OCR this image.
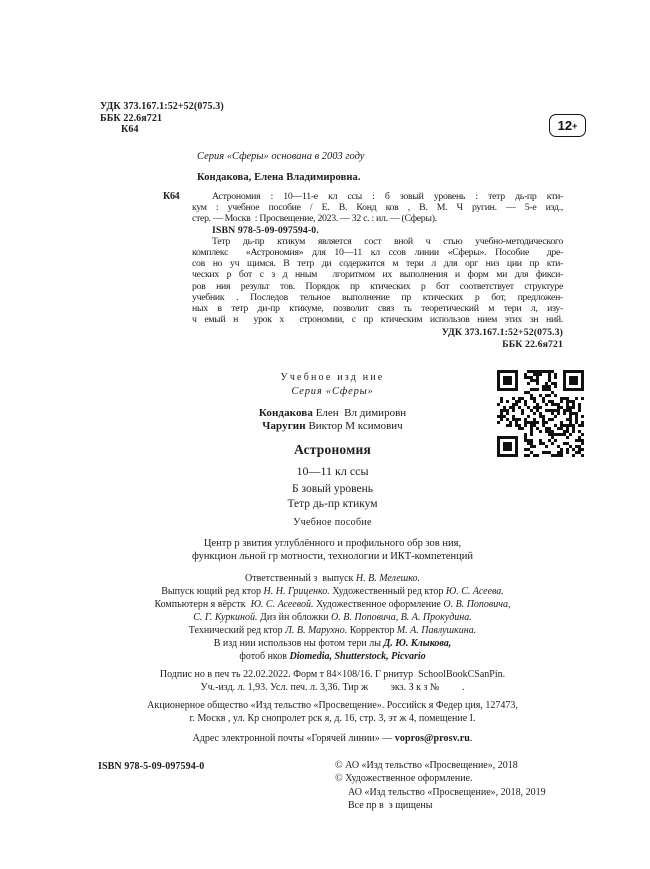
УДК 373.167.1:52+52(075.3)
ББК 22.6я721
К64	12 +
Серия «Сферы» основана в 2003 году
Кондакова, Елена Владимировна.
К64	Астрономия : 10—11-е кл ссы : б зовый уровень : тетр дь-пр кти-
кум : учебное пособие / Е. В. Конд ков , В. М. Ч ругин. — 5-е изд.,
стер. — Москв  : Просвещение, 2023. — 32 с. : ил. — (Сферы).
ISBN 978-5-09-097594-0.
Тетр дь-пр ктикум является сост вной ч стью учебно-методического
комплекс  «Астрономия» для 10—11 кл ссов линии «Сферы». Пособие  дре-
сов но уч щимся. В тетр ди содержится м тери л для орг низ ции пр кти-
ческих р бот с з д нным  лгоритмом их выполнения и форм ми для фикси-
ров ния результ тов. Порядок пр ктических р бот соответствует структуре
учебник . Последов тельное выполнение пр ктических р бот, предложен-
ных в тетр ди-пр ктикуме, позволит связ ть теоретический м тери л, изу-
ч емый н  урок х  строномии, с пр ктическим использов нием этих зн ний.
УДК 373.167.1:52+52(075.3)
ББК 22.6я721
Учебное изд ние
Серия «Сферы»
Кондакова Елен  Вл димировн
Чаругин Виктор М ксимович
Астрономия
10—11 кл ссы
Б зовый уровень
Тетр дь-пр ктикум
Учебное пособие
Центр р звития углублённого и профильного обр зов ния,
функцион льной гр мотности, технологии и ИКТ-компетенций
Ответственный з  выпуск Н. В. Мелешко.
Выпуск ющий ред ктор Н. Н. Гриценко. Художественный ред ктор Ю. С. Асеева.
Компьютерн я вёрстк  Ю. С. Асеевой. Художественное оформление О. В. Поповича,
С. Г. Куркиной. Диз йн обложки О. В. Поповича, В. А. Прокудина.
Технический ред ктор Л. В. Марухно. Корректор М. А. Павлушкина.
В изд нии использов ны фотом тери лы Д. Ю. Клыкова,
фотоб нков Diomedia, Shutterstock, Picvario
Подпис но в печ ть 22.02.2022. Форм т 84×108/16. Г рнитур  SchoolBookCSanPin.
Уч.-изд. л. 1,93. Усл. печ. л. 3,36. Тир ж         экз. З к з №         .
Акционерное общество «Изд тельство «Просвещение». Российск я Федер ция, 127473,
г. Москв , ул. Кр снопролет рск я, д. 16, стр. 3, эт ж 4, помещение I.
Адрес электронной почты «Горячей линии» — vopros@prosv.ru.
ISBN 978-5-09-097594-0	© АО «Изд тельство «Просвещение», 2018
© Художественное оформление.
АО «Изд тельство «Просвещение», 2018, 2019
Все пр в  з щищены
